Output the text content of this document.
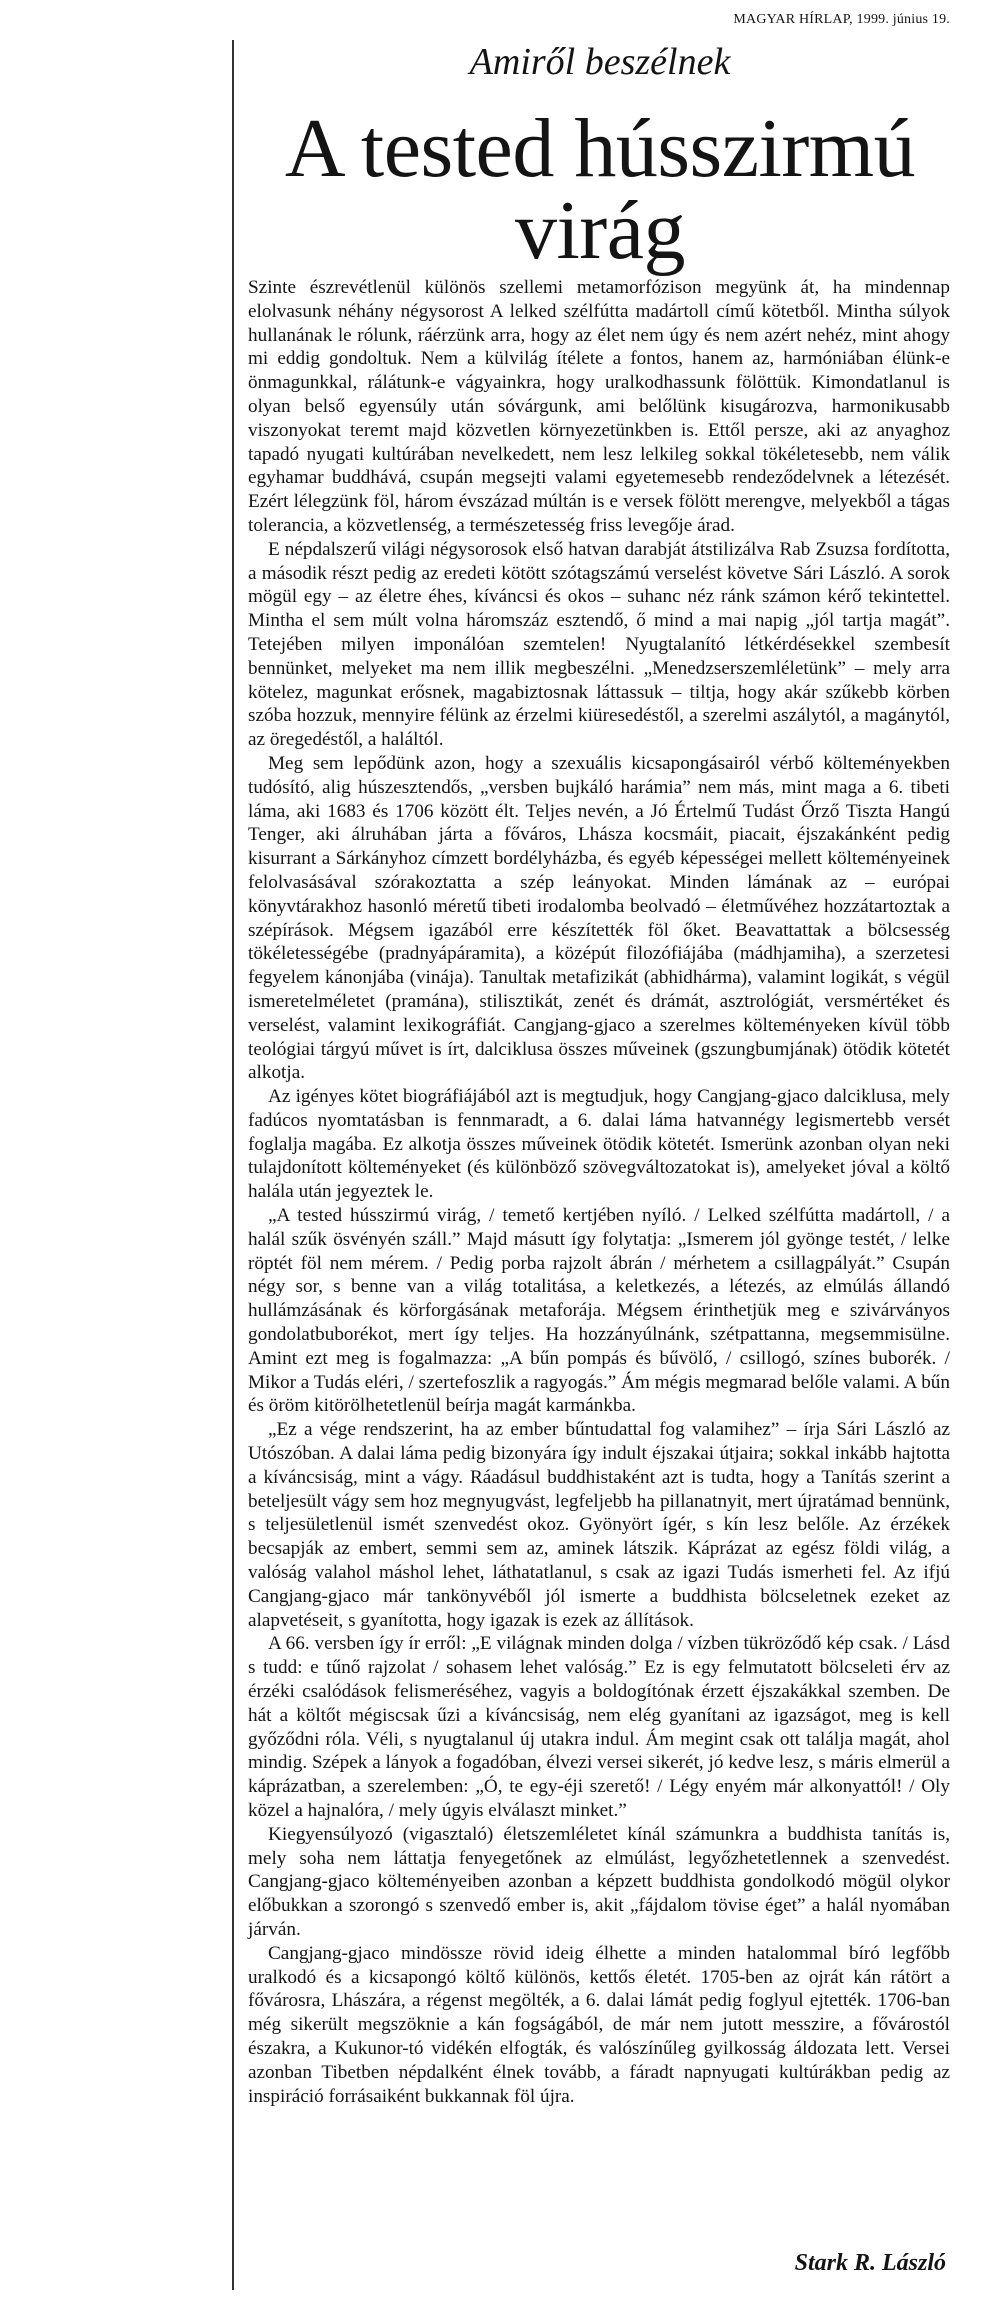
MAGYAR HÍRLAP, 1999. június 19.
Amiről beszélnek
A tested hússzirmú virág

Szinte észrevétlenül különös szellemi metamorfózison megyünk át, ha mindennap elolvasunk néhány négysorost A lelked szélfútta madártoll című kötetből. Mintha súlyok hullanának le rólunk, ráérzünk arra, hogy az élet nem úgy és nem azért nehéz, mint ahogy mi eddig gondoltuk. Nem a külvilág ítélete a fontos, hanem az, harmóniában élünk-e önmagunkkal, rálátunk-e vágyainkra, hogy uralkodhassunk fölöttük. Kimondatlanul is olyan belső egyensúly után sóvárgunk, ami belőlünk kisugározva, harmonikusabb viszonyokat teremt majd közvetlen környezetünkben is. Ettől persze, aki az anyaghoz tapadó nyugati kultúrában nevelkedett, nem lesz lelkileg sokkal tökéletesebb, nem válik egyhamar buddhává, csupán megsejti valami egyetemesebb rendeződelvnek a létezését. Ezért lélegzünk föl, három évszázad múltán is e versek fölött merengve, melyekből a tágas tolerancia, a közvetlenség, a természetesség friss levegője árad.

E népdalszerű világi négysorosok első hatvan darabját átstilizálva Rab Zsuzsa fordította, a második részt pedig az eredeti kötött szótagszámú verselést követve Sári László. A sorok mögül egy – az életre éhes, kíváncsi és okos – suhanc néz ránk számon kérő tekintettel. Mintha el sem múlt volna háromszáz esztendő, ő mind a mai napig „jól tartja magát”. Tetejében milyen imponálóan szemtelen! Nyugtalanító létkérdésekkel szembesít bennünket, melyeket ma nem illik megbeszélni. „Menedzserszemléletünk” – mely arra kötelez, magunkat erősnek, magabiztosnak láttassuk – tiltja, hogy akár szűkebb körben szóba hozzuk, mennyire félünk az érzelmi kiüresedéstől, a szerelmi aszálytól, a magánytól, az öregedéstől, a haláltól.

Meg sem lepődünk azon, hogy a szexuális kicsapongásairól vérbő költeményekben tudósító, alig húszesztendős, „versben bujkáló harámia” nem más, mint maga a 6. tibeti láma, aki 1683 és 1706 között élt. Teljes nevén, a Jó Értelmű Tudást Őrző Tiszta Hangú Tenger, aki álruhában járta a főváros, Lhásza kocsmáit, piacait, éjszakánként pedig kisurrant a Sárkányhoz címzett bordélyházba, és egyéb képességei mellett költeményeinek felolvasásával szórakoztatta a szép leányokat. Minden lámának az – európai könyvtárakhoz hasonló méretű tibeti irodalomba beolvadó – életművéhez hozzátartoztak a szépírások. Mégsem igazából erre készítették föl őket. Beavattattak a bölcsesség tökéletességébe (pradnyápáramita), a középút filozófiájába (mádhjamiha), a szerzetesi fegyelem kánonjába (vinája). Tanultak metafizikát (abhidhárma), valamint logikát, s végül ismeretelméletet (pramána), stilisztikát, zenét és drámát, asztrológiát, versmértéket és verselést, valamint lexikográfiát. Cangjang-gjaco a szerelmes költeményeken kívül több teológiai tárgyú művet is írt, dalciklusa összes műveinek (gszungbumjának) ötödik kötetét alkotja.

Az igényes kötet biográfiájából azt is megtudjuk, hogy Cangjang-gjaco dalciklusa, mely fadúcos nyomtatásban is fennmaradt, a 6. dalai láma hatvannégy legismertebb versét foglalja magába. Ez alkotja összes műveinek ötödik kötetét. Ismerünk azonban olyan neki tulajdonított költeményeket (és különböző szövegváltozatokat is), amelyeket jóval a költő halála után jegyeztek le.

„A tested hússzirmú virág, / temető kertjében nyíló. / Lelked szélfútta madártoll, / a halál szűk ösvényén száll.” Majd másutt így folytatja: „Ismerem jól gyönge testét, / lelke röptét föl nem mérem. / Pedig porba rajzolt ábrán / mérhetem a csillagpályát.” Csupán négy sor, s benne van a világ totalitása, a keletkezés, a létezés, az elmúlás állandó hullámzásának és körforgásának metaforája. Mégsem érinthetjük meg e szivárványos gondolatbuborékot, mert így teljes. Ha hozzányúlnánk, szétpattanna, megsemmisülne. Amint ezt meg is fogalmazza: „A bűn pompás és bűvölő, / csillogó, színes buborék. / Mikor a Tudás eléri, / szertefoszlik a ragyogás.” Ám mégis megmarad belőle valami. A bűn és öröm kitörölhetetlenül beírja magát karmánkba.

„Ez a vége rendszerint, ha az ember bűntudattal fog valamihez” – írja Sári László az Utószóban. A dalai láma pedig bizonyára így indult éjszakai útjaira; sokkal inkább hajtotta a kíváncsiság, mint a vágy. Ráadásul buddhistaként azt is tudta, hogy a Tanítás szerint a beteljesült vágy sem hoz megnyugvást, legfeljebb ha pillanatnyit, mert újratámad bennünk, s teljesületlenül ismét szenvedést okoz. Gyönyört ígér, s kín lesz belőle. Az érzékek becsapják az embert, semmi sem az, aminek látszik. Káprázat az egész földi világ, a valóság valahol máshol lehet, láthatatlanul, s csak az igazi Tudás ismerheti fel. Az ifjú Cangjang-gjaco már tankönyvéből jól ismerte a buddhista bölcseletnek ezeket az alapvetéseit, s gyanította, hogy igazak is ezek az állítások.

A 66. versben így ír erről: „E világnak minden dolga / vízben tükröződő kép csak. / Lásd s tudd: e tűnő rajzolat / sohasem lehet valóság.” Ez is egy felmutatott bölcseleti érv az érzéki csalódások felismeréséhez, vagyis a boldogítónak érzett éjszakákkal szemben. De hát a költőt mégiscsak űzi a kíváncsiság, nem elég gyanítani az igazságot, meg is kell győződni róla. Véli, s nyugtalanul új utakra indul. Ám megint csak ott találja magát, ahol mindig. Szépek a lányok a fogadóban, élvezi versei sikerét, jó kedve lesz, s máris elmerül a káprázatban, a szerelemben: „Ó, te egy-éji szerető! / Légy enyém már alkonyattól! / Oly közel a hajnalóra, / mely úgyis elválaszt minket.”

Kiegyensúlyozó (vigasztaló) életszemléletet kínál számunkra a buddhista tanítás is, mely soha nem láttatja fenyegetőnek az elmúlást, legyőzhetetlennek a szenvedést. Cangjang-gjaco költeményeiben azonban a képzett buddhista gondolkodó mögül olykor előbukkan a szorongó s szenvedő ember is, akit „fájdalom tövise éget” a halál nyomában járván.

Cangjang-gjaco mindössze rövid ideig élhette a minden hatalommal bíró legfőbb uralkodó és a kicsapongó költő különös, kettős életét. 1705-ben az ojrát kán rátört a fővárosra, Lhászára, a régenst megölték, a 6. dalai lámát pedig foglyul ejtették. 1706-ban még sikerült megszöknie a kán fogságából, de már nem jutott messzire, a fővárostól északra, a Kukunor-tó vidékén elfogták, és valószínűleg gyilkosság áldozata lett. Versei azonban Tibetben népdalként élnek tovább, a fáradt napnyugati kultúrákban pedig az inspiráció forrásaiként bukkannak föl újra.

Stark R. László
